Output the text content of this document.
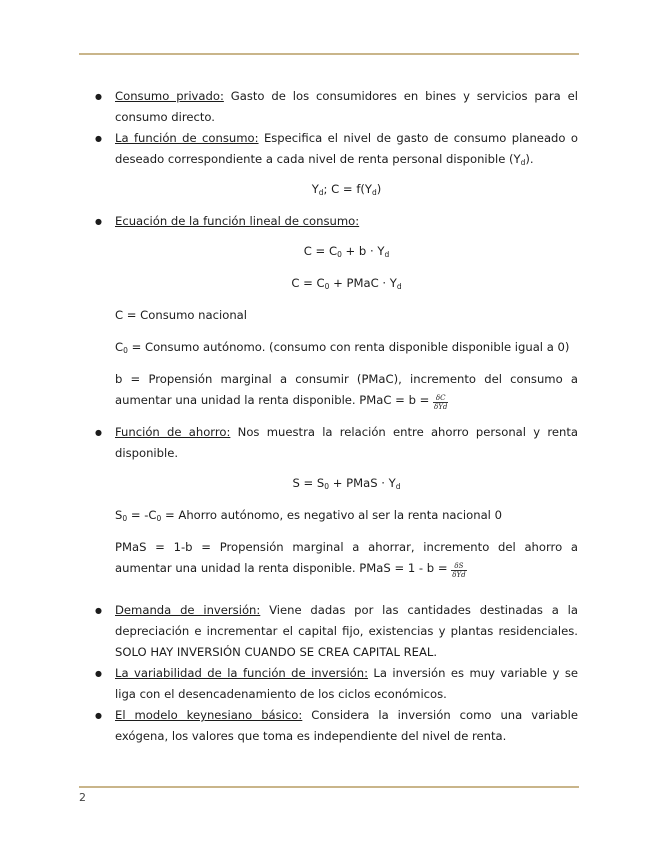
● Consumo privado: Gasto de los consumidores en bines y servicios para el consumo directo.
● La función de consumo: Especifica el nivel de gasto de consumo planeado o deseado correspondiente a cada nivel de renta personal disponible $(Y_d)$.
$Y_d$; $C = f(Y_d)$
● Ecuación de la función lineal de consumo:
$C = C_0 + b \cdot Y_d$
$C = C_0$ + PMaC · $Y_d$

C = Consumo nacional

$C_0$ = Consumo autónomo. (consumo con renta disponible disponible igual a 0)

b = Propensión marginal a consumir (PMaC), incremento del consumo a aumentar una unidad la renta disponible. PMaC = $b = \frac{\delta C}{\text{δYd}}$

● Función de ahorro: Nos muestra la relación entre ahorro personal y renta disponible.
$S = S_0$ + PMaS · $Y_d$

$S_0 = -C_0$ = Ahorro autónomo, es negativo al ser la renta nacional 0

PMaS = 1-b = Propensión marginal a ahorrar, incremento del ahorro a aumentar una unidad la renta disponible. PMaS = $1 - b = \frac{\delta S}{\text{δYd}}$

● Demanda de inversión: Viene dadas por las cantidades destinadas a la depreciación e incrementar el capital fijo, existencias y plantas residenciales. SOLO HAY INVERSIÓN CUANDO SE CREA CAPITAL REAL.
● La variabilidad de la función de inversión: La inversión es muy variable y se liga con el desencadenamiento de los ciclos económicos.
● El modelo keynesiano básico: Considera la inversión como una variable exógena, los valores que toma es independiente del nivel de renta.
2
